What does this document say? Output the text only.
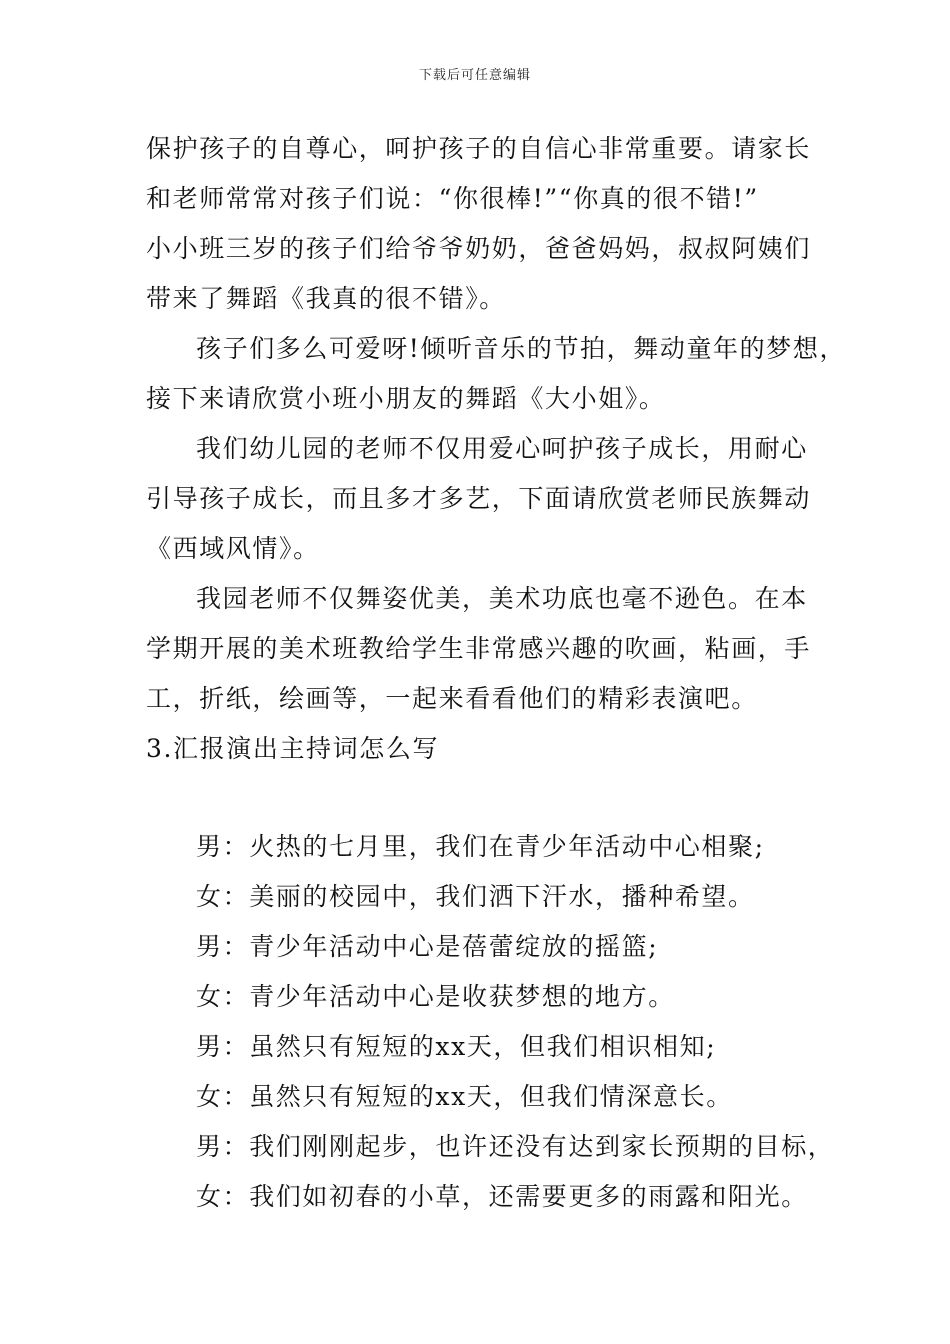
下载后可任意编辑
保护孩子的自尊心，呵护孩子的自信心非常重要。请家长
和老师常常对孩子们说：“你很棒!”“你真的很不错!”
小小班三岁的孩子们给爷爷奶奶，爸爸妈妈，叔叔阿姨们
带来了舞蹈《我真的很不错》。
孩子们多么可爱呀!倾听音乐的节拍，舞动童年的梦想，
接下来请欣赏小班小朋友的舞蹈《大小姐》。
我们幼儿园的老师不仅用爱心呵护孩子成长，用耐心
引导孩子成长，而且多才多艺，下面请欣赏老师民族舞动
《西域风情》。
我园老师不仅舞姿优美，美术功底也毫不逊色。在本
学期开展的美术班教给学生非常感兴趣的吹画，粘画，手
工，折纸，绘画等，一起来看看他们的精彩表演吧。
3.汇报演出主持词怎么写
男：火热的七月里，我们在青少年活动中心相聚;
女：美丽的校园中，我们洒下汗水，播种希望。
男：青少年活动中心是蓓蕾绽放的摇篮;
女：青少年活动中心是收获梦想的地方。
男：虽然只有短短的xx天，但我们相识相知;
女：虽然只有短短的xx天，但我们情深意长。
男：我们刚刚起步，也许还没有达到家长预期的目标，
女：我们如初春的小草，还需要更多的雨露和阳光。
